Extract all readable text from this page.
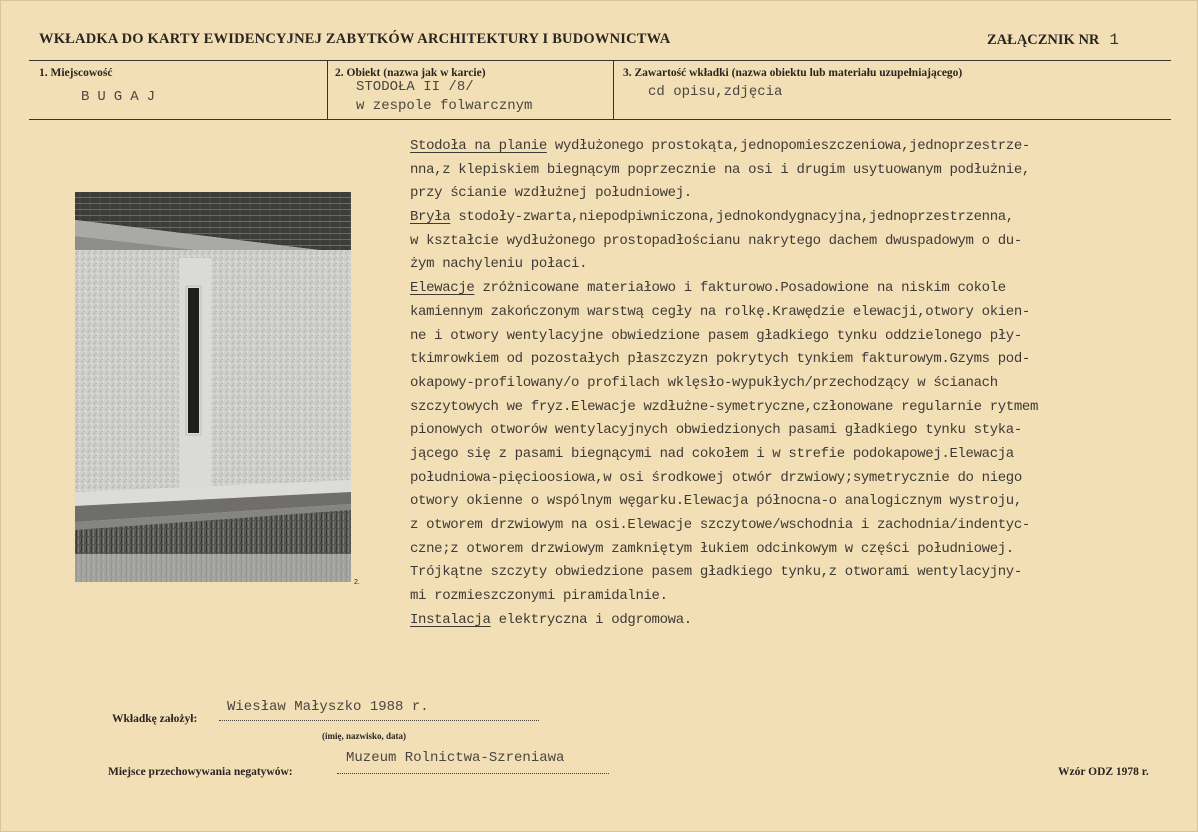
WKŁADKA DO KARTY EWIDENCYJNEJ ZABYTKÓW ARCHITEKTURY I BUDOWNICTWA	ZAŁĄCZNIK NR 1
1. Miejscowość
BUGAJ
2. Obiekt (nazwa jak w karcie)
STODOŁA II /8/
w zespole folwarcznym
3. Zawartość wkładki (nazwa obiektu lub materiału uzupełniającego)
cd opisu,zdjęcia
2.
Stodoła na planie wydłużonego prostokąta,jednopomieszczeniowa,jednoprzestrze-
nna,z klepiskiem biegnącym poprzecznie na osi i drugim usytuowanym podłużnie,
przy ścianie wzdłużnej południowej.
Bryła stodoły-zwarta,niepodpiwniczona,jednokondygnacyjna,jednoprzestrzenna,
w kształcie wydłużonego prostopadłościanu nakrytego dachem dwuspadowym o du-
żym nachyleniu połaci.
Elewacje zróżnicowane materiałowo i fakturowo.Posadowione na niskim cokole
kamiennym zakończonym warstwą cegły na rolkę.Krawędzie elewacji,otwory okien-
ne i otwory wentylacyjne obwiedzione pasem gładkiego tynku oddzielonego pły-
tkimrowkiem od pozostałych płaszczyzn pokrytych tynkiem fakturowym.Gzyms pod-
okapowy-profilowany/o profilach wklęsło-wypukłych/przechodzący w ścianach
szczytowych we fryz.Elewacje wzdłużne-symetryczne,członowane regularnie rytmem
pionowych otworów wentylacyjnych obwiedzionych pasami gładkiego tynku styka-
jącego się z pasami biegnącymi nad cokołem i w strefie podokapowej.Elewacja
południowa-pięcioosiowa,w osi środkowej otwór drzwiowy;symetrycznie do niego
otwory okienne o wspólnym węgarku.Elewacja północna-o analogicznym wystroju,
z otworem drzwiowym na osi.Elewacje szczytowe/wschodnia i zachodnia/indentyc-
czne;z otworem drzwiowym zamkniętym łukiem odcinkowym w części południowej.
Trójkątne szczyty obwiedzione pasem gładkiego tynku,z otworami wentylacyjny-
mi rozmieszczonymi piramidalnie.
Instalacja elektryczna i odgromowa.
Wkładkę założył:
Wiesław Małyszko 1988 r.
(imię, nazwisko, data)
Miejsce przechowywania negatywów:
Muzeum Rolnictwa-Szreniawa
Wzór ODZ 1978 r.
